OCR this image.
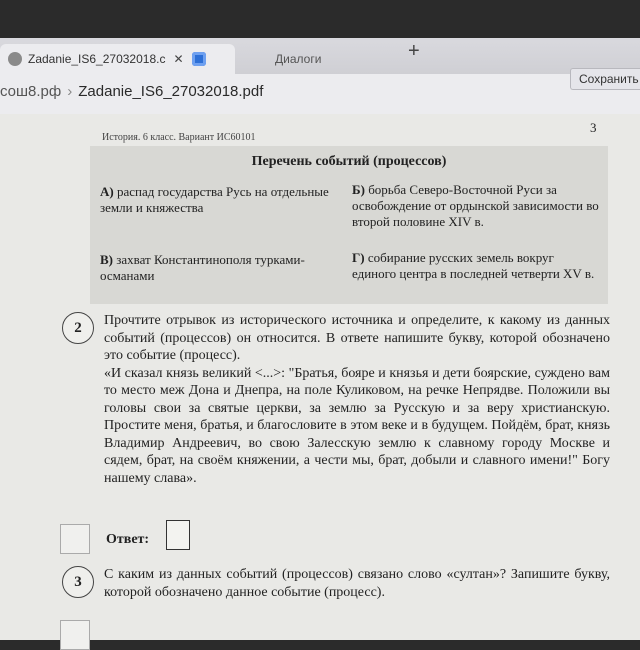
Zadanie_IS6_27032018.c ✕	Диалоги	+
сош8.рф › Zadanie_IS6_27032018.pdf
Сохранить
3
История. 6 класс. Вариант ИС60101
Перечень событий (процессов)
А) распад государства Русь на отдельные земли и княжества
Б) борьба Северо-Восточной Руси за освобождение от ордынской зависимости во второй половине XIV в.
В) захват Константинополя турками-османами
Г) собирание русских земель вокруг единого центра в последней четверти XV в.
2	Прочтите отрывок из исторического источника и определите, к какому из данных событий (процессов) он относится. В ответе напишите букву, которой обозначено это событие (процесс).
«И сказал князь великий <...>: "Братья, бояре и князья и дети боярские, суждено вам то место меж Дона и Днепра, на поле Куликовом, на речке Непрядве. Положили вы головы свои за святые церкви, за землю за Русскую и за веру христианскую. Простите меня, братья, и благословите в этом веке и в будущем. Пойдём, брат, князь Владимир Андреевич, во свою Залесскую землю к славному городу Москве и сядем, брат, на своём княжении, а чести мы, брат, добыли и славного имени!" Богу нашему слава».
Ответ:
3	С каким из данных событий (процессов) связано слово «султан»? Запишите букву, которой обозначено данное событие (процесс).
